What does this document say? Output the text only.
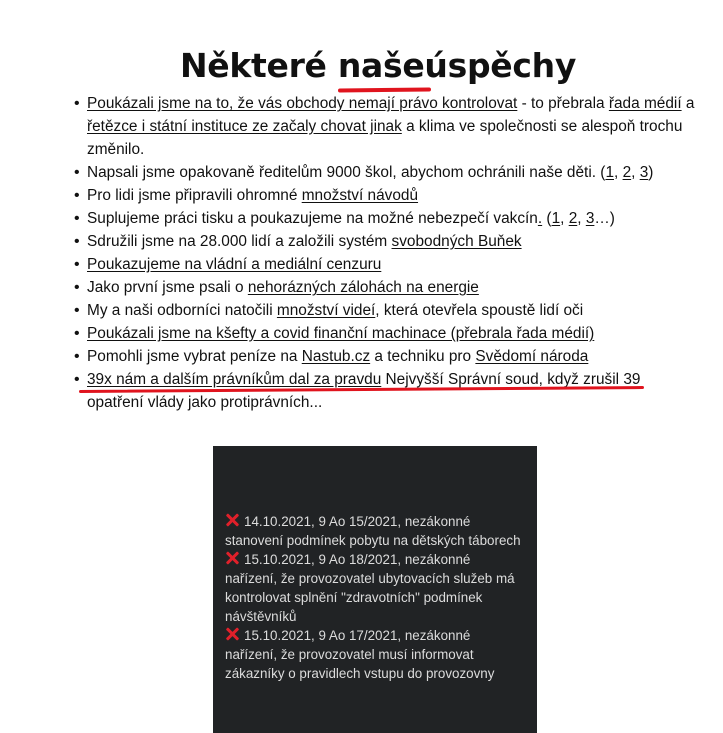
Některé našeúspěchy
• Poukázali jsme na to, že vás obchody nemají právo kontrolovat - to přebrala řada médií a řetězce i státní instituce ze začaly chovat jinak a klima ve společnosti se alespoň trochu změnilo.
• Napsali jsme opakovaně ředitelům 9000 škol, abychom ochránili naše děti. (1, 2, 3)
• Pro lidi jsme připravili ohromné množství návodů
• Suplujeme práci tisku a poukazujeme na možné nebezpečí vakcín. (1, 2, 3…)
• Sdružili jsme na 28.000 lidí a založili systém svobodných Buňek
• Poukazujeme na vládní a mediální cenzuru
• Jako první jsme psali o nehorázných zálohách na energie
• My a naši odborníci natočili množství videí, která otevřela spoustě lidí oči
• Poukázali jsme na kšefty a covid finanční machinace (přebrala řada médií)
• Pomohli jsme vybrat peníze na Nastub.cz a techniku pro Svědomí národa
• 39x nám a dalším právníkům dal za pravdu Nejvyšší Správní soud, když zrušil 39
opatření vlády jako protiprávních...

14.10.2021, 9 Ao 15/2021, nezákonné stanovení podmínek pobytu na dětských táborech

15.10.2021, 9 Ao 18/2021, nezákonné nařízení, že provozovatel ubytovacích služeb má kontrolovat splnění "zdravotních" podmínek návštěvníků

15.10.2021, 9 Ao 17/2021, nezákonné nařízení, že provozovatel musí informovat zákazníky o pravidlech vstupu do provozovny
